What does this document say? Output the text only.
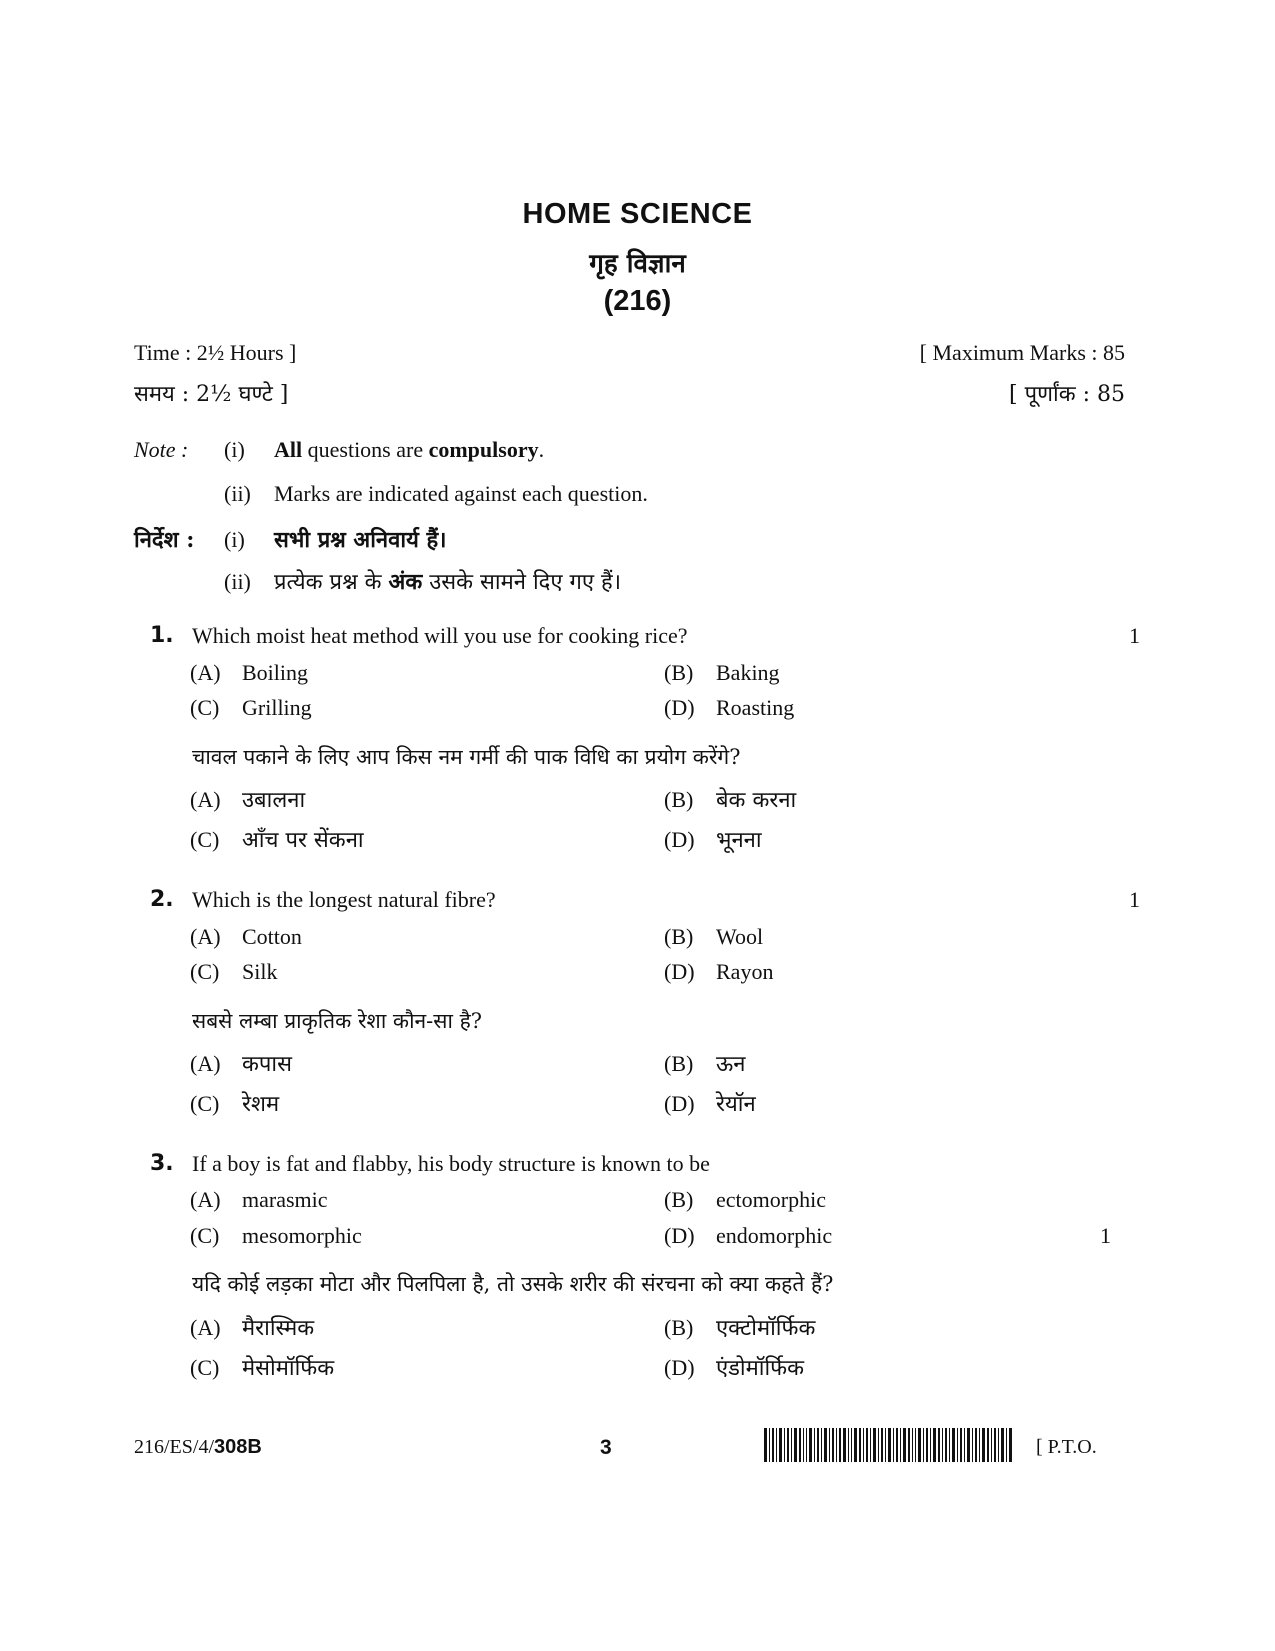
HOME SCIENCE
गृह विज्ञान
(216)
Time : 2½ Hours ]	[ Maximum Marks : 85
समय : 2½ घण्टे ]	[ पूर्णांक : 85
Note : (i) All questions are compulsory.
(ii) Marks are indicated against each question.
निर्देश : (i) सभी प्रश्न अनिवार्य हैं।
(ii) प्रत्येक प्रश्न के अंक उसके सामने दिए गए हैं।
1. Which moist heat method will you use for cooking rice?	1
(A) Boiling	(B) Baking
(C) Grilling	(D) Roasting
चावल पकाने के लिए आप किस नम गर्मी की पाक विधि का प्रयोग करेंगे?
(A) उबालना	(B) बेक करना
(C) आँच पर सेंकना	(D) भूनना
2. Which is the longest natural fibre?	1
(A) Cotton	(B) Wool
(C) Silk	(D) Rayon
सबसे लम्बा प्राकृतिक रेशा कौन-सा है?
(A) कपास	(B) ऊन
(C) रेशम	(D) रेयॉन
3. If a boy is fat and flabby, his body structure is known to be
(A) marasmic	(B) ectomorphic
(C) mesomorphic	(D) endomorphic	1
यदि कोई लड़का मोटा और पिलपिला है, तो उसके शरीर की संरचना को क्या कहते हैं?
(A) मैरास्मिक	(B) एक्टोमॉर्फिक
(C) मेसोमॉर्फिक	(D) एंडोमॉर्फिक
216/ES/4/308B	3	[ P.T.O.
